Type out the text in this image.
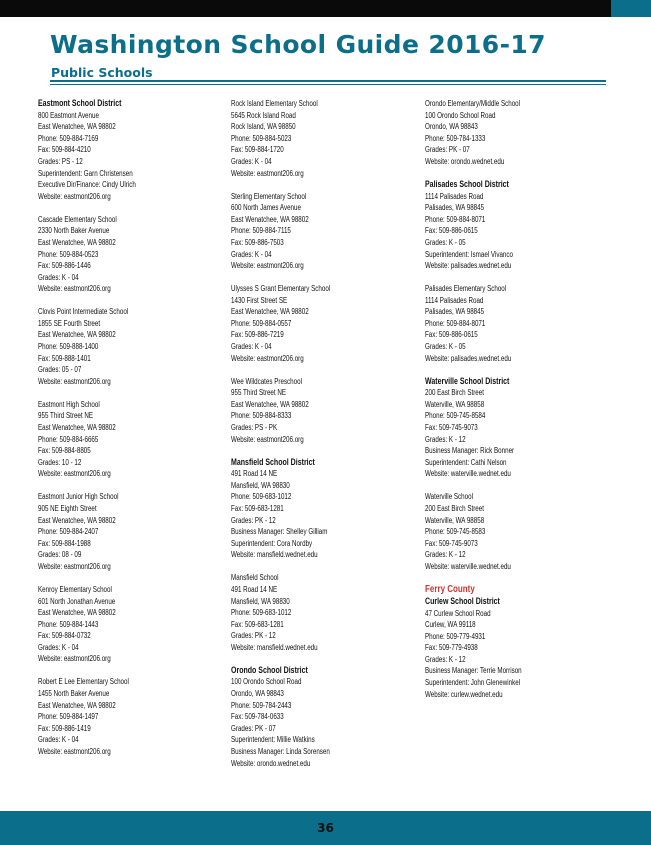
Washington School Guide 2016-17
Public Schools
Eastmont School District
800 Eastmont Avenue
East Wenatchee, WA 98802
Phone: 509-884-7169
Fax: 509-884-4210
Grades: PS - 12
Superintendent: Garn Christensen
Executive Dir/Finance: Cindy Ulrich
Website: eastmont206.org
Cascade Elementary School
2330 North Baker Avenue
East Wenatchee, WA 98802
Phone: 509-884-0523
Fax: 509-886-1446
Grades: K - 04
Website: eastmont206.org
Clovis Point Intermediate School
1855 SE Fourth Street
East Wenatchee, WA 98802
Phone: 509-888-1400
Fax: 509-888-1401
Grades: 05 - 07
Website: eastmont206.org
Eastmont High School
955 Third Street NE
East Wenatchee, WA 98802
Phone: 509-884-6665
Fax: 509-884-8805
Grades: 10 - 12
Website: eastmont206.org
Eastmont Junior High School
905 NE Eighth Street
East Wenatchee, WA 98802
Phone: 509-884-2407
Fax: 509-884-1988
Grades: 08 - 09
Website: eastmont206.org
Kenroy Elementary School
601 North Jonathan Avenue
East Wenatchee, WA 98802
Phone: 509-884-1443
Fax: 509-884-0732
Grades: K - 04
Website: eastmont206.org
Robert E Lee Elementary School
1455 North Baker Avenue
East Wenatchee, WA 98802
Phone: 509-884-1497
Fax: 509-886-1419
Grades: K - 04
Website: eastmont206.org
Rock Island Elementary School
5645 Rock Island Road
Rock Island, WA 98850
Phone: 509-884-5023
Fax: 509-884-1720
Grades: K - 04
Website: eastmont206.org
Sterling Elementary School
600 North James Avenue
East Wenatchee, WA 98802
Phone: 509-884-7115
Fax: 509-886-7503
Grades: K - 04
Website: eastmont206.org
Ulysses S Grant Elementary School
1430 First Street SE
East Wenatchee, WA 98802
Phone: 509-884-0557
Fax: 509-886-7219
Grades: K - 04
Website: eastmont206.org
Wee Wildcates Preschool
955 Third Street NE
East Wenatchee, WA 98802
Phone: 509-884-8333
Grades: PS - PK
Website: eastmont206.org
Mansfield School District
491 Road 14 NE
Mansfield, WA 98830
Phone: 509-683-1012
Fax: 509-683-1281
Grades: PK - 12
Business Manager: Shelley Gilliam
Superintendent: Cora Nordby
Website: mansfield.wednet.edu
Mansfield School
491 Road 14 NE
Mansfield, WA 98830
Phone: 509-683-1012
Fax: 509-683-1281
Grades: PK - 12
Website: mansfield.wednet.edu
Orondo School District
100 Orondo School Road
Orondo, WA 98843
Phone: 509-784-2443
Fax: 509-784-0633
Grades: PK - 07
Superintendent: Millie Watkins
Business Manager: Linda Sorensen
Website: orondo.wednet.edu
Orondo Elementary/Middle School
100 Orondo School Road
Orondo, WA 98843
Phone: 509-784-1333
Grades: PK - 07
Website: orondo.wednet.edu
Palisades School District
1114 Palisades Road
Palisades, WA 98845
Phone: 509-884-8071
Fax: 509-886-0615
Grades: K - 05
Superintendent: Ismael Vivanco
Website: palisades.wednet.edu
Palisades Elementary School
1114 Palisades Road
Palisades, WA 98845
Phone: 509-884-8071
Fax: 509-886-0615
Grades: K - 05
Website: palisades.wednet.edu
Waterville School District
200 East Birch Street
Waterville, WA 98858
Phone: 509-745-8584
Fax: 509-745-9073
Grades: K - 12
Business Manager: Rick Bonner
Superintendent: Cathi Nelson
Website: waterville.wednet.edu
Waterville School
200 East Birch Street
Waterville, WA 98858
Phone: 509-745-8583
Fax: 509-745-9073
Grades: K - 12
Website: waterville.wednet.edu
Ferry County
Curlew School District
47 Curlew School Road
Curlew, WA 99118
Phone: 509-779-4931
Fax: 509-779-4938
Grades: K - 12
Business Manager: Terrie Morrison
Superintendent: John Glenewinkel
Website: curlew.wednet.edu
36
